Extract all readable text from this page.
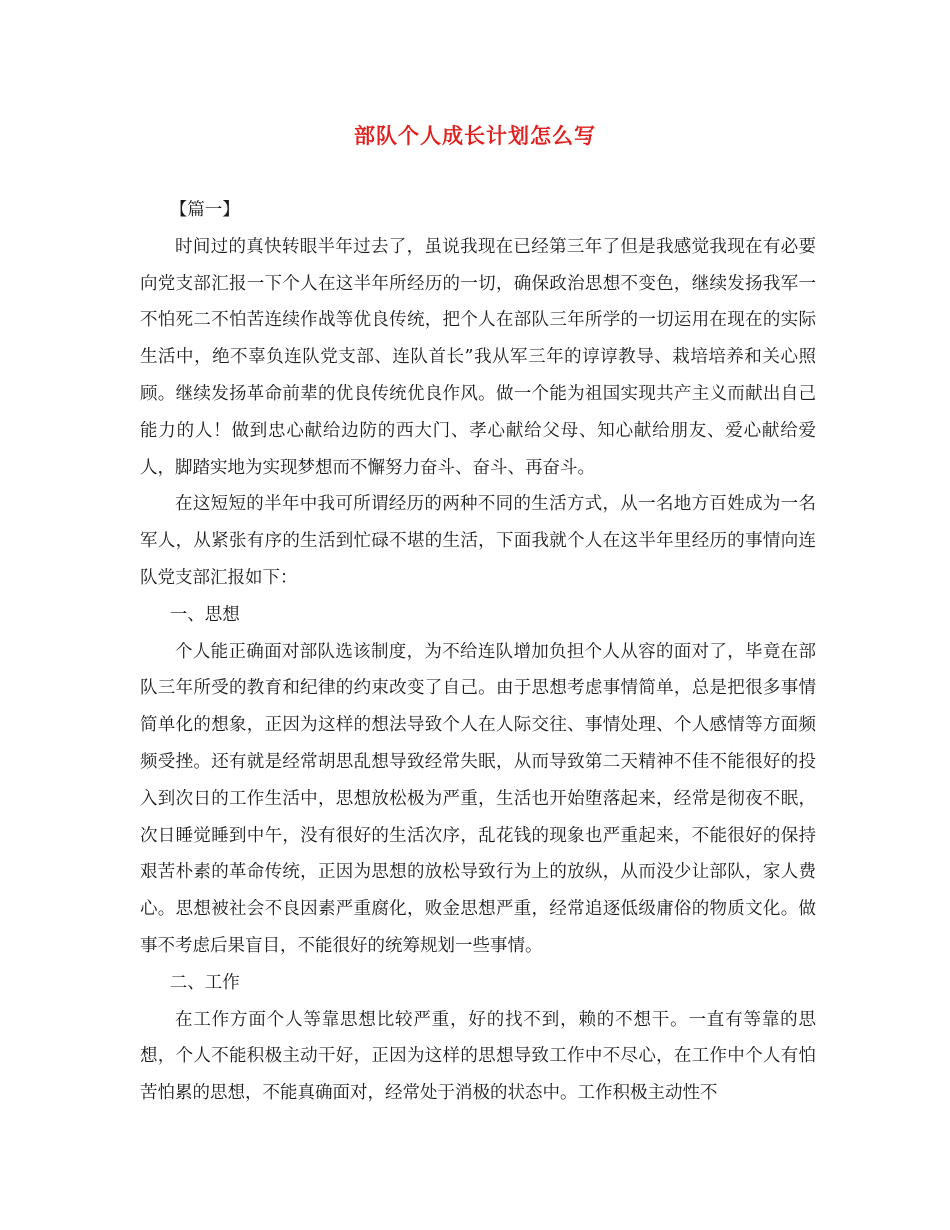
部队个人成长计划怎么写

【篇一】

时间过的真快转眼半年过去了，虽说我现在已经第三年了但是我感觉我现在有必要向党支部汇报一下个人在这半年所经历的一切，确保政治思想不变色，继续发扬我军一不怕死二不怕苦连续作战等优良传统，把个人在部队三年所学的一切运用在现在的实际生活中，绝不辜负连队党支部、连队首长”我从军三年的谆谆教导、栽培培养和关心照顾。继续发扬革命前辈的优良传统优良作风。做一个能为祖国实现共产主义而献出自己能力的人！做到忠心献给边防的西大门、孝心献给父母、知心献给朋友、爱心献给爱人，脚踏实地为实现梦想而不懈努力奋斗、奋斗、再奋斗。

在这短短的半年中我可所谓经历的两种不同的生活方式，从一名地方百姓成为一名军人，从紧张有序的生活到忙碌不堪的生活，下面我就个人在这半年里经历的事情向连队党支部汇报如下：

一、思想

个人能正确面对部队选该制度，为不给连队增加负担个人从容的面对了，毕竟在部队三年所受的教育和纪律的约束改变了自己。由于思想考虑事情简单，总是把很多事情简单化的想象，正因为这样的想法导致个人在人际交往、事情处理、个人感情等方面频频受挫。还有就是经常胡思乱想导致经常失眠，从而导致第二天精神不佳不能很好的投入到次日的工作生活中，思想放松极为严重，生活也开始堕落起来，经常是彻夜不眠，次日睡觉睡到中午，没有很好的生活次序，乱花钱的现象也严重起来，不能很好的保持艰苦朴素的革命传统，正因为思想的放松导致行为上的放纵，从而没少让部队，家人费心。思想被社会不良因素严重腐化，败金思想严重，经常追逐低级庸俗的物质文化。做事不考虑后果盲目，不能很好的统筹规划一些事情。

二、工作

在工作方面个人等靠思想比较严重，好的找不到，赖的不想干。一直有等靠的思想，个人不能积极主动干好，正因为这样的思想导致工作中不尽心，在工作中个人有怕苦怕累的思想，不能真确面对，经常处于消极的状态中。工作积极主动性不
